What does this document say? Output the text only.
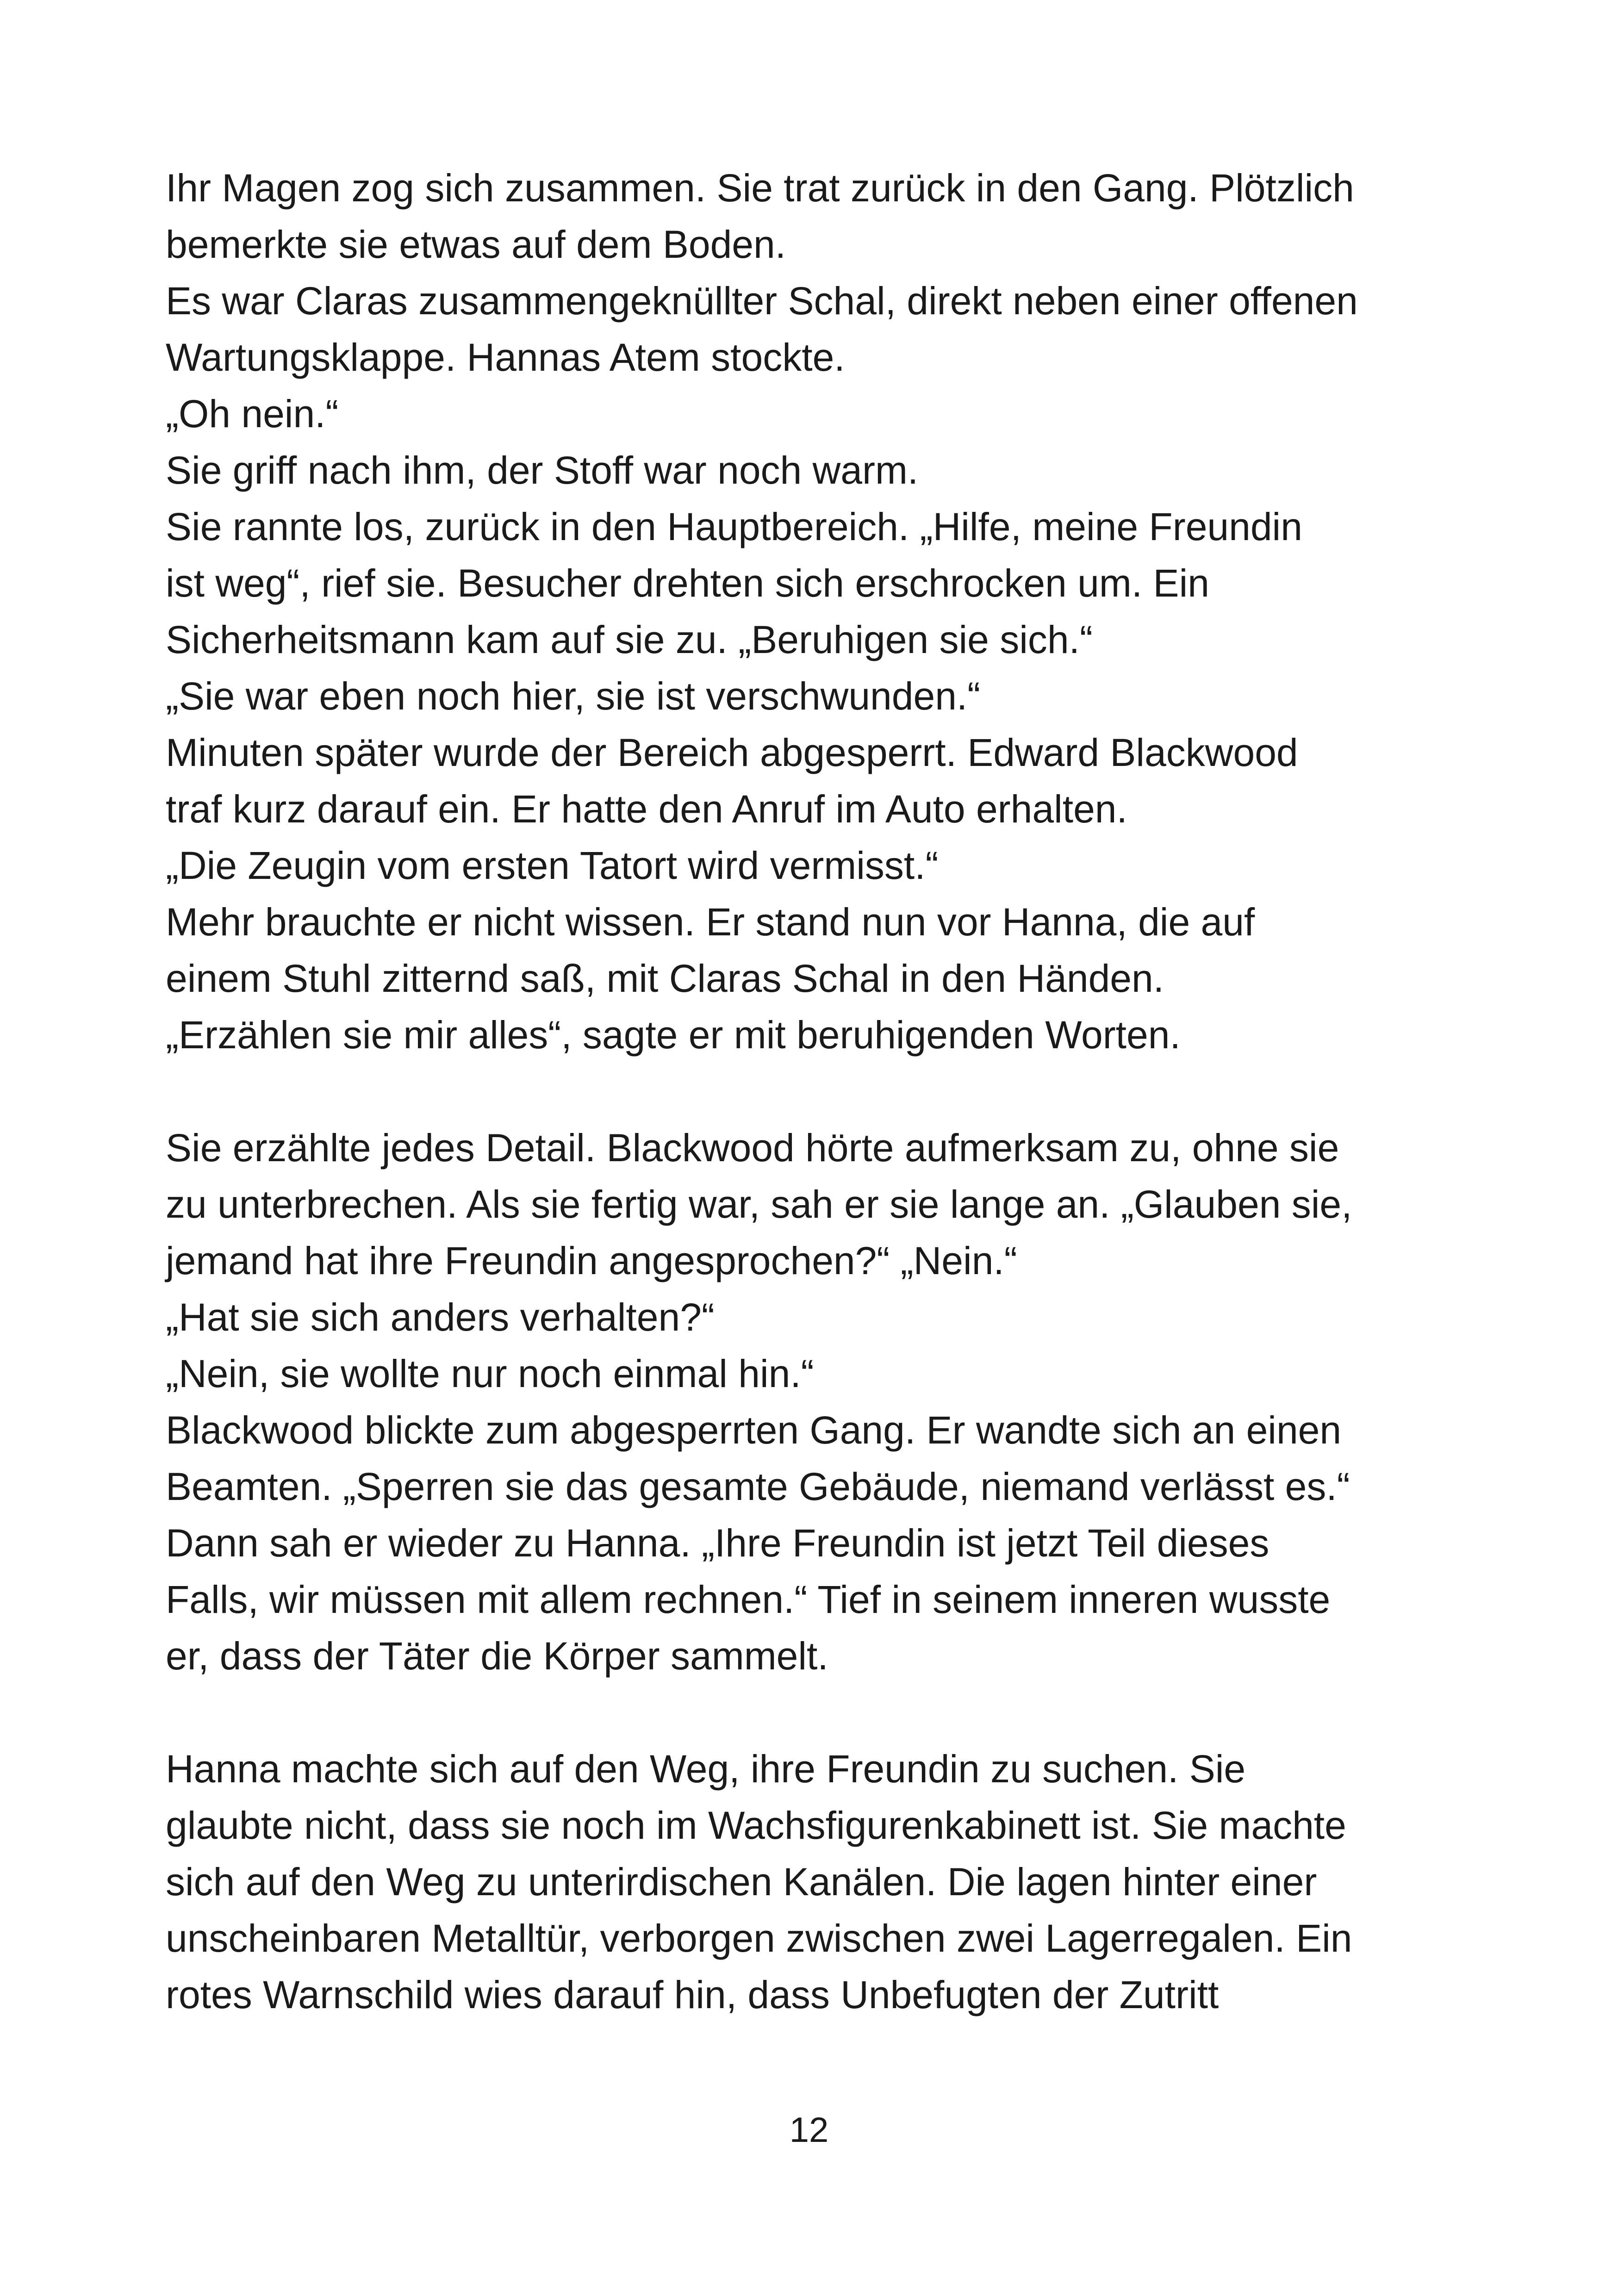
Ihr Magen zog sich zusammen. Sie trat zurück in den Gang. Plötzlich
bemerkte sie etwas auf dem Boden.
Es war Claras zusammengeknüllter Schal, direkt neben einer offenen
Wartungsklappe. Hannas Atem stockte.
„Oh nein.“
Sie griff nach ihm, der Stoff war noch warm.
Sie rannte los, zurück in den Hauptbereich. „Hilfe, meine Freundin
ist weg“, rief sie. Besucher drehten sich erschrocken um. Ein
Sicherheitsmann kam auf sie zu. „Beruhigen sie sich.“
„Sie war eben noch hier, sie ist verschwunden.“
Minuten später wurde der Bereich abgesperrt. Edward Blackwood
traf kurz darauf ein. Er hatte den Anruf im Auto erhalten.
„Die Zeugin vom ersten Tatort wird vermisst.“
Mehr brauchte er nicht wissen. Er stand nun vor Hanna, die auf
einem Stuhl zitternd saß, mit Claras Schal in den Händen.
„Erzählen sie mir alles“, sagte er mit beruhigenden Worten.
Sie erzählte jedes Detail. Blackwood hörte aufmerksam zu, ohne sie
zu unterbrechen. Als sie fertig war, sah er sie lange an. „Glauben sie,
jemand hat ihre Freundin angesprochen?“ „Nein.“
„Hat sie sich anders verhalten?“
„Nein, sie wollte nur noch einmal hin.“
Blackwood blickte zum abgesperrten Gang. Er wandte sich an einen
Beamten. „Sperren sie das gesamte Gebäude, niemand verlässt es.“
Dann sah er wieder zu Hanna. „Ihre Freundin ist jetzt Teil dieses
Falls, wir müssen mit allem rechnen.“ Tief in seinem inneren wusste
er, dass der Täter die Körper sammelt.
Hanna machte sich auf den Weg, ihre Freundin zu suchen. Sie
glaubte nicht, dass sie noch im Wachsfigurenkabinett ist. Sie machte
sich auf den Weg zu unterirdischen Kanälen. Die lagen hinter einer
unscheinbaren Metalltür, verborgen zwischen zwei Lagerregalen. Ein
rotes Warnschild wies darauf hin, dass Unbefugten der Zutritt
12
